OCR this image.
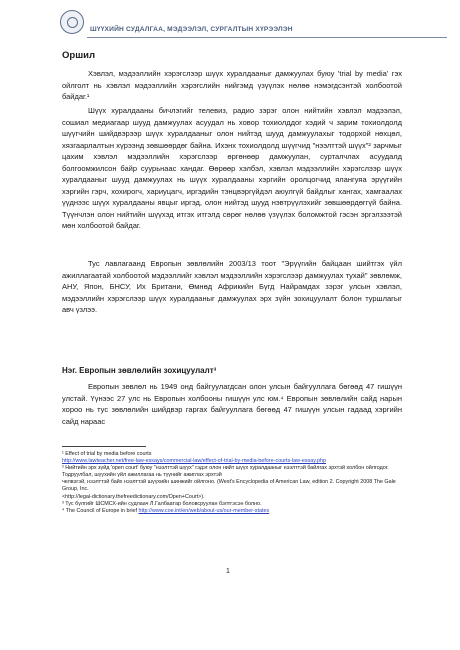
ШҮҮХИЙН СУДАЛГАА, МЭДЭЭЛЭЛ, СУРГАЛТЫН ХҮРЭЭЛЭН
Оршил
Хэвлэл, мэдээллийн хэрэгслээр шүүх хуралдааныг дамжуулах буюу 'trial by media' гэх ойлголт нь хэвлэл мэдээллийн хэрэгслийн нийгэмд үзүүлэх нөлөө нэмэгдсэнтэй холбоотой байдаг.¹
Шүүх хуралдааны бичлэгийг телевиз, радио зэрэг олон нийтийн хэвлэл мэдээлэл, сошиал медиагаар шууд дамжуулах асуудал нь ховор тохиолддог хэдий ч зарим тохиолдолд шүүгчийн шийдвэрээр шүүх хуралдааныг олон нийтэд шууд дамжуулахыг тодорхой нөхцөл, хязгаарлалтын хүрээнд зөвшөөрдөг байна. Ихэнх тохиолдолд шүүгчид "нээлттэй шүүх"² зарчмыг цахим хэвлэл мэдээллийн хэрэгслээр өргөнөөр дамжуулан, сурталчлах асуудалд болгоомжилсон байр суурьнаас хандаг. Өөрөөр хэлбэл, хэвлэл мэдээллийн хэрэгслээр шүүх хуралдааныг шууд дамжуулах нь шүүх хуралдааны хэргийн оролцогчид ялангуяа эрүүгийн хэргийн гэрч, хохирогч, хариуцагч, иргэдийн тэнцвэргүйдэл аюулгүй байдлыг хангах, хамгаалах үүднээс шүүх хуралдааны явцыг иргэд, олон нийтэд шууд нэвтрүүлэхийг зөвшөөрдөггүй байна. Түүнчлэн олон нийтийн шүүхэд итгэх итгэлд сөрөг нөлөө үзүүлэх боломжтой гэсэн эргэлзээтэй мөн холбоотой байдаг.
Тус лавлагаанд Европын зөвлөлийн 2003/13 тоот "Эрүүгийн байцаан шийтгэх үйл ажиллагаатай холбоотой мэдээллийг хэвлэл мэдээллийн хэрэгслээр дамжуулах тухай" зөвлөмж, АНУ, Япон, БНСУ, Их Британи, Өмнөд Африкийн Бүгд Найрамдах зэрэг улсын хэвлэл, мэдээллийн хэрэгслээр шүүх хуралдааныг дамжуулах эрх зүйн зохицуулалт болон туршлагыг авч үзлээ.
Нэг. Европын зөвлөлийн зохицуулалт³
Европын зөвлөл нь 1949 онд байгуулагдсан олон улсын байгууллага бөгөөд 47 гишүүн улстай. Үүнээс 27 улс нь Европын холбооны гишүүн улс юм.⁴ Европын зөвлөлийн сайд нарын хороо нь тус зөвлөлийн шийдвэр гаргах байгууллага бөгөөд 47 гишүүн улсын гадаад хэргийн сайд нараас
¹ Effect of trial by media before courts
http://www.lawteacher.net/free-law-essays/commercial-law/effect-of-trial-by-media-before-courts-law-essay.php
² Нийтийн эрх зүйд 'open court' буюу "нээлттэй шүүх" гэдэг олон нийт шүүх хуралдааныг нээлттэй байлгах эрхтэй холбон ойлгодог. Тодруулбал, шүүхийн үйл ажиллагаа нь түүнийг ажиглах эрхтэй
челвэгэй, нээлттэй байх нээлттэй шүүхийн шинжийг ойлгоно. (West's Encyclopedia of American Law, edition 2. Copyright 2008 The Gale Group, Inc.
<http://legal-dictionary.thefreedictionary.com/Open+Court>).
³ Тус бүлгийг ШСМСХ-ийн судлаач Л.Галбаатар боловсруулан бэлтгэсэн болно.
⁴ The Council of Europe in brief http://www.coe.int/en/web/about-us/our-member-states
1
